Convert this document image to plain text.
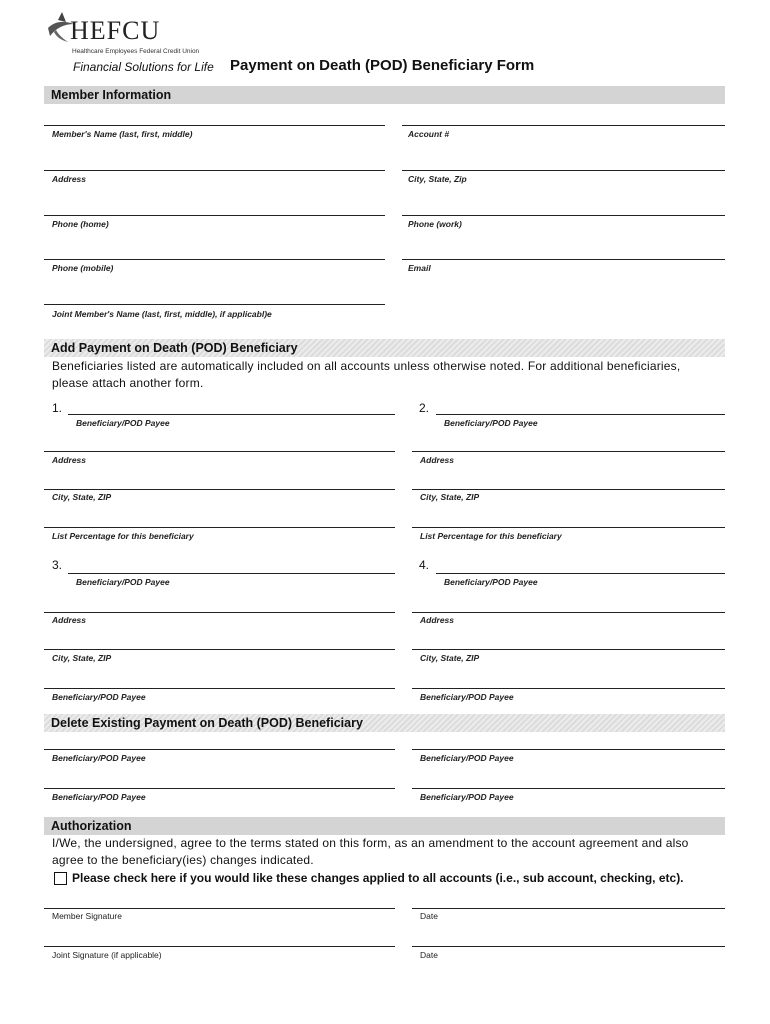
HEFCU
Healthcare Employees Federal Credit Union
Financial Solutions for Life Payment on Death (POD) Beneficiary Form
Member Information
Member's Name (last, first, middle)	Account #
Address	City, State, Zip
Phone (home)	Phone (work)
Phone (mobile)	Email
Joint Member's Name (last, first, middle), if applicabl)e
Add Payment on Death (POD) Beneficiary
Beneficiaries listed are automatically included on all accounts unless otherwise noted. For additional beneficiaries, please attach another form.
1.
Beneficiary/POD Payee
Address
City, State, ZIP
List Percentage for this beneficiary
2.
Beneficiary/POD Payee
Address
City, State, ZIP
List Percentage for this beneficiary
3.
Beneficiary/POD Payee
Address
City, State, ZIP
Beneficiary/POD Payee
4.
Beneficiary/POD Payee
Address
City, State, ZIP
Beneficiary/POD Payee
Delete Existing Payment on Death (POD) Beneficiary
Beneficiary/POD Payee	Beneficiary/POD Payee
Beneficiary/POD Payee	Beneficiary/POD Payee
Authorization
I/We, the undersigned, agree to the terms stated on this form, as an amendment to the account agreement and also agree to the beneficiary(ies) changes indicated.
Please check here if you would like these changes applied to all accounts (i.e., sub account, checking, etc).
Member Signature	Date
Joint Signature (if applicable)	Date
